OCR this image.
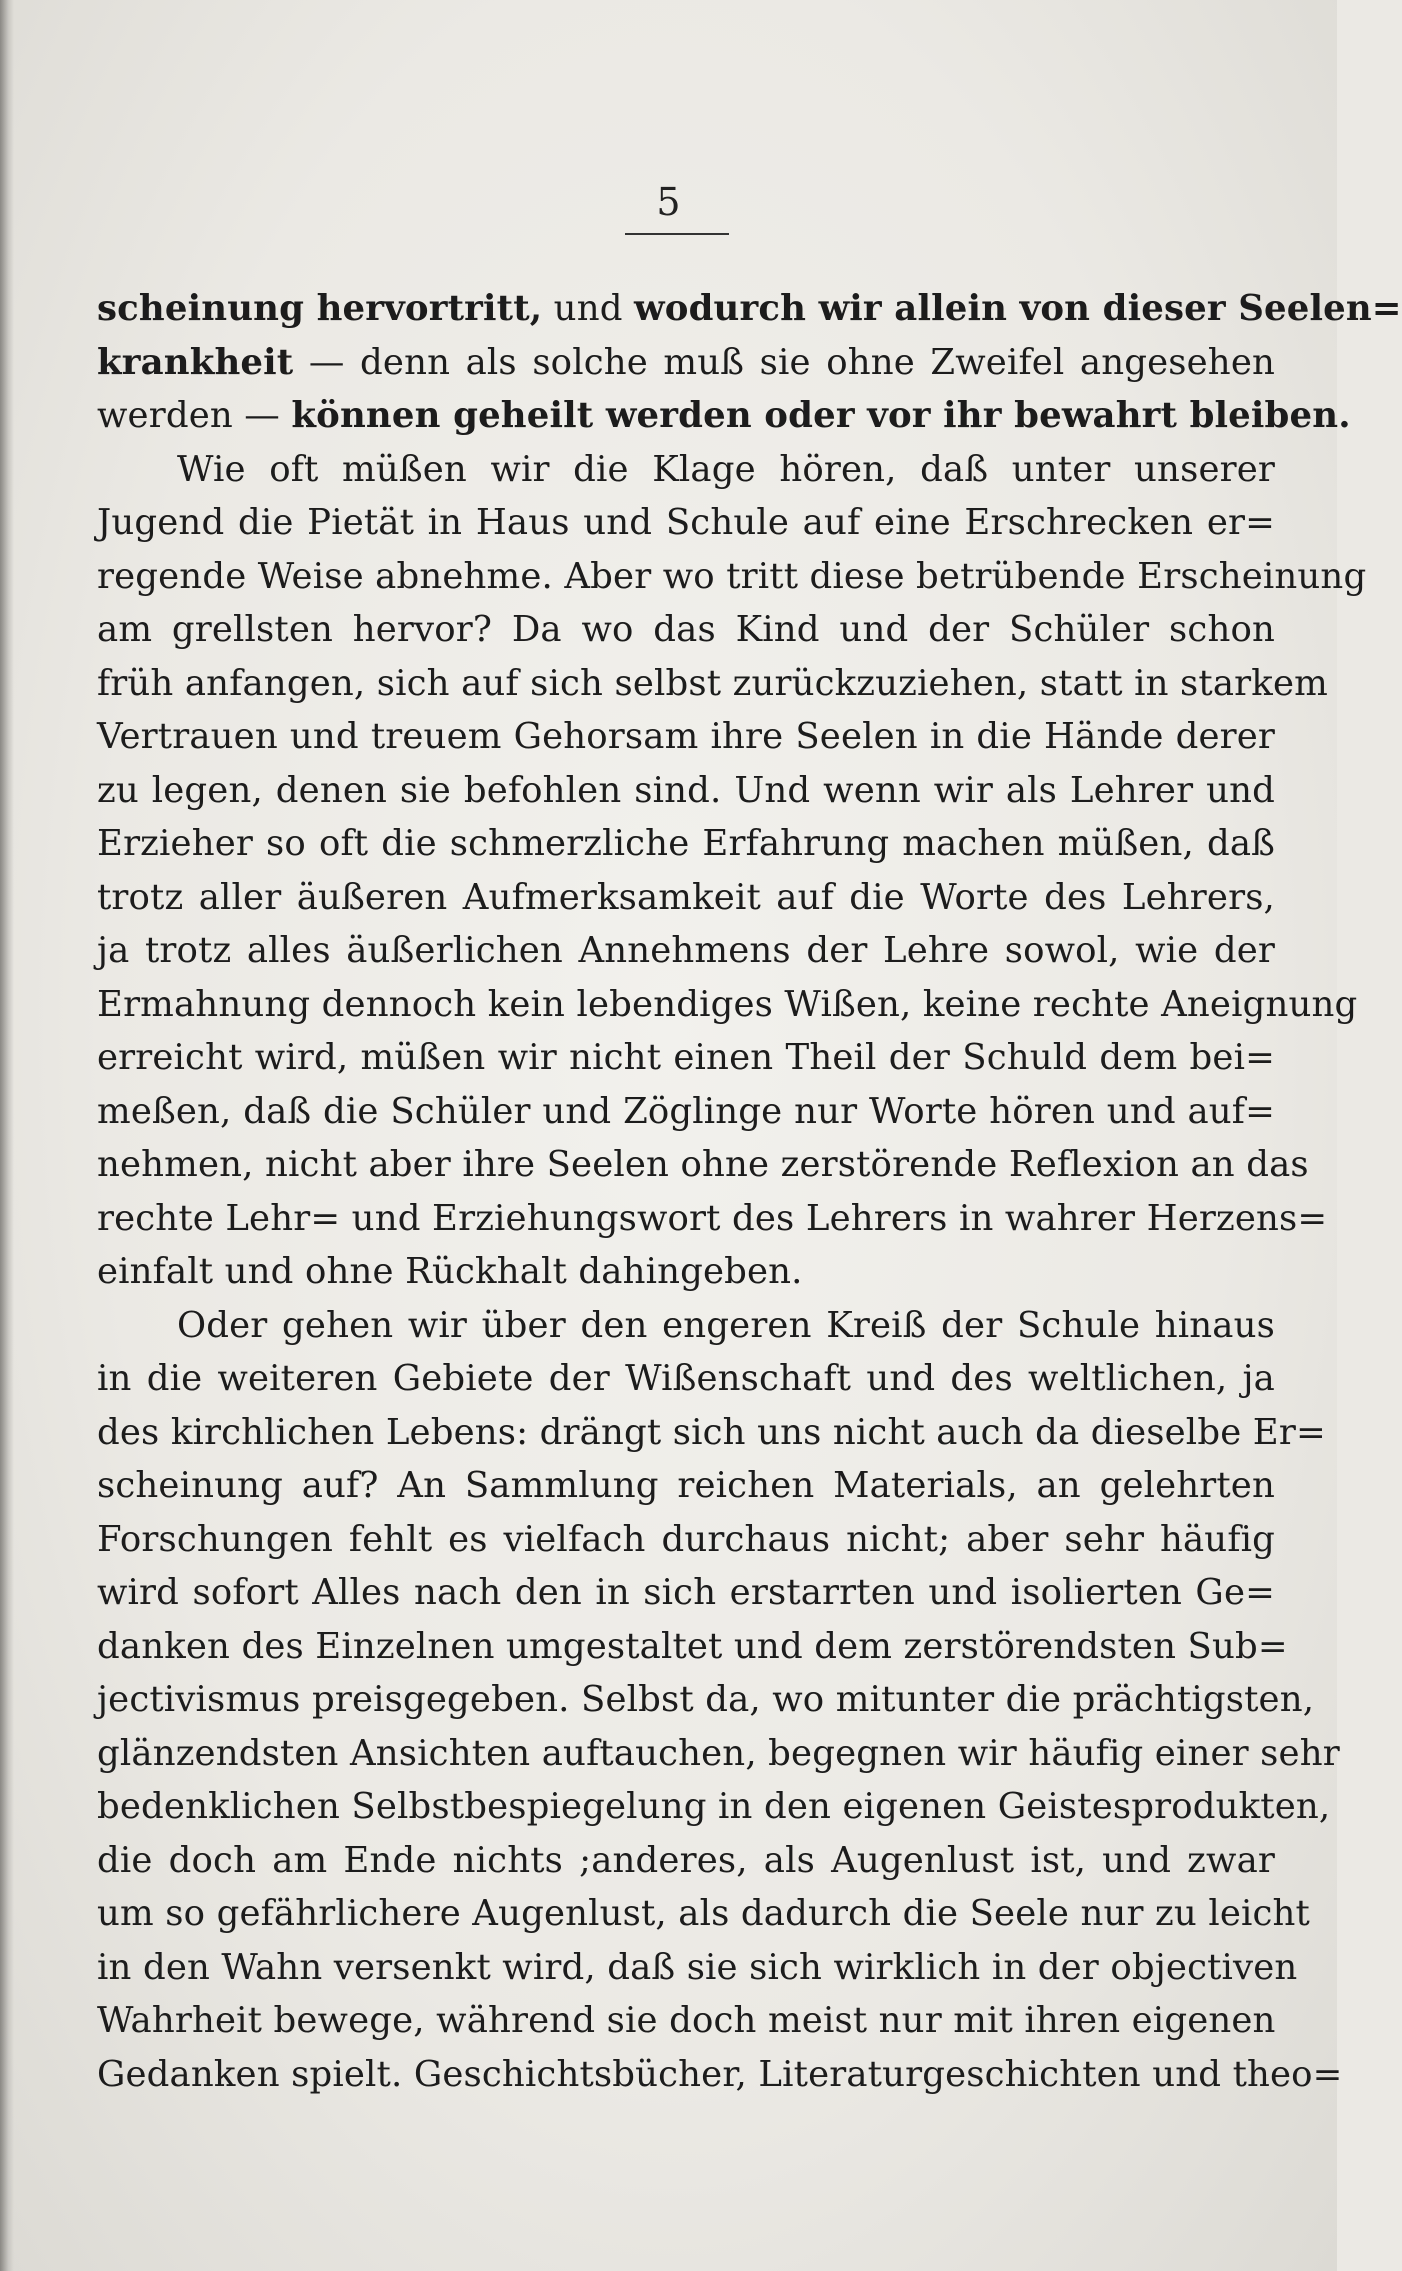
5

scheinung hervortritt, und wodurch wir allein von dieser Seelen=
krankheit — denn als solche muß sie ohne Zweifel angesehen
werden — können geheilt werden oder vor ihr bewahrt bleiben.
Wie oft müßen wir die Klage hören, daß unter unserer
Jugend die Pietät in Haus und Schule auf eine Erschrecken er=
regende Weise abnehme. Aber wo tritt diese betrübende Erscheinung
am grellsten hervor? Da wo das Kind und der Schüler schon
früh anfangen, sich auf sich selbst zurückzuziehen, statt in starkem
Vertrauen und treuem Gehorsam ihre Seelen in die Hände derer
zu legen, denen sie befohlen sind. Und wenn wir als Lehrer und
Erzieher so oft die schmerzliche Erfahrung machen müßen, daß
trotz aller äußeren Aufmerksamkeit auf die Worte des Lehrers,
ja trotz alles äußerlichen Annehmens der Lehre sowol, wie der
Ermahnung dennoch kein lebendiges Wißen, keine rechte Aneignung
erreicht wird, müßen wir nicht einen Theil der Schuld dem bei=
meßen, daß die Schüler und Zöglinge nur Worte hören und auf=
nehmen, nicht aber ihre Seelen ohne zerstörende Reflexion an das
rechte Lehr= und Erziehungswort des Lehrers in wahrer Herzens=
einfalt und ohne Rückhalt dahingeben.
Oder gehen wir über den engeren Kreiß der Schule hinaus
in die weiteren Gebiete der Wißenschaft und des weltlichen, ja
des kirchlichen Lebens: drängt sich uns nicht auch da dieselbe Er=
scheinung auf? An Sammlung reichen Materials, an gelehrten
Forschungen fehlt es vielfach durchaus nicht; aber sehr häufig
wird sofort Alles nach den in sich erstarrten und isolierten Ge=
danken des Einzelnen umgestaltet und dem zerstörendsten Sub=
jectivismus preisgegeben. Selbst da, wo mitunter die prächtigsten,
glänzendsten Ansichten auftauchen, begegnen wir häufig einer sehr
bedenklichen Selbstbespiegelung in den eigenen Geistesprodukten,
die doch am Ende nichts ;anderes, als Augenlust ist, und zwar
um so gefährlichere Augenlust, als dadurch die Seele nur zu leicht
in den Wahn versenkt wird, daß sie sich wirklich in der objectiven
Wahrheit bewege, während sie doch meist nur mit ihren eigenen
Gedanken spielt. Geschichtsbücher, Literaturgeschichten und theo=
